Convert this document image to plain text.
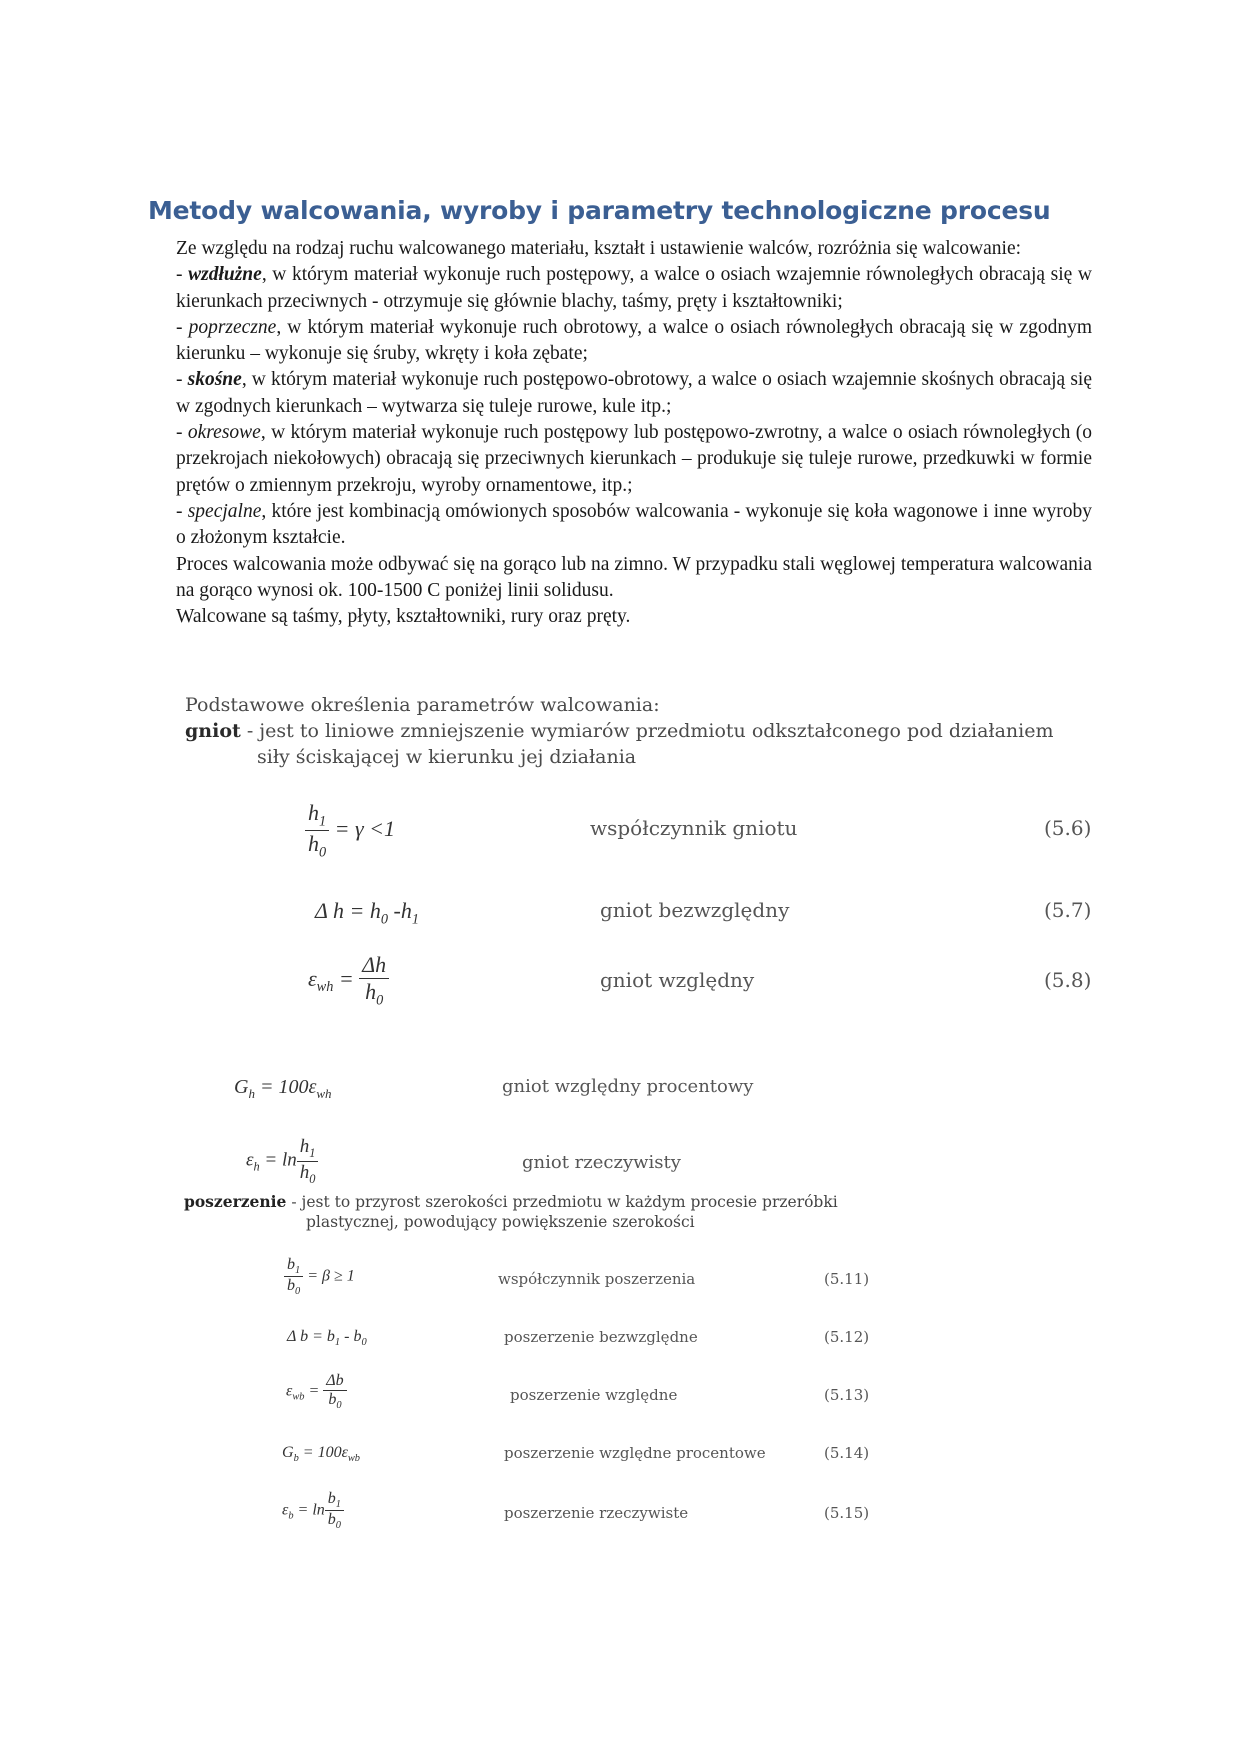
Metody walcowania, wyroby i parametry technologiczne procesu

Ze względu na rodzaj ruchu walcowanego materiału, kształt i ustawienie walców, rozróżnia się walcowanie:

- wzdłużne, w którym materiał wykonuje ruch postępowy, a walce o osiach wzajemnie równoległych obracają się w kierunkach przeciwnych - otrzymuje się głównie blachy, taśmy, pręty i kształtowniki;

- poprzeczne, w którym materiał wykonuje ruch obrotowy, a walce o osiach równoległych obracają się w zgodnym kierunku – wykonuje się śruby, wkręty i koła zębate;

- skośne, w którym materiał wykonuje ruch postępowo-obrotowy, a walce o osiach wzajemnie skośnych obracają się w zgodnych kierunkach – wytwarza się tuleje rurowe, kule itp.;

- okresowe, w którym materiał wykonuje ruch postępowy lub postępowo-zwrotny, a walce o osiach równoległych (o przekrojach niekołowych) obracają się przeciwnych kierunkach – produkuje się tuleje rurowe, przedkuwki w formie prętów o zmiennym przekroju, wyroby ornamentowe, itp.;

- specjalne, które jest kombinacją omówionych sposobów walcowania - wykonuje się koła wagonowe i inne wyroby o złożonym kształcie.

Proces walcowania może odbywać się na gorąco lub na zimno. W przypadku stali węglowej temperatura walcowania na gorąco wynosi ok. 100-1500 C poniżej linii solidusu.

Walcowane są taśmy, płyty, kształtowniki, rury oraz pręty.

Podstawowe określenia parametrów walcowania:

gniot - jest to liniowe zmniejszenie wymiarów przedmiotu odkształconego pod działaniem
siły ściskającej w kierunku jej działania

$\frac{h_1}{h_0} = \gamma <1$	współczynnik gniotu	(5.6)
Δ $h = h_0$ $-h_1$	gniot bezwzględny	(5.7)
$\varepsilon_{wh} = \frac{\Delta h}{h_0}$	gniot względny	(5.8)
$G_h = 100\varepsilon_{wh}$	gniot względny procentowy
$\varepsilon_h = \ln \frac{h_1}{h_0}$	gniot rzeczywisty
poszerzenie - jest to przyrost szerokości przedmiotu w każdym procesie przeróbki
plastycznej, powodujący powiększenie szerokości
$\frac{b_1}{b_0} = \beta \ge 1$	współczynnik poszerzenia	(5.11)
Δ $b = b_1 - b_0$	poszerzenie bezwzględne	(5.12)
$\varepsilon_{wb} = \frac{\Delta b}{b_0}$	poszerzenie względne	(5.13)
$G_b = 100\varepsilon_{wb}$	poszerzenie względne procentowe	(5.14)
$\varepsilon_b = \ln \frac{b_1}{b_0}$	poszerzenie rzeczywiste	(5.15)
